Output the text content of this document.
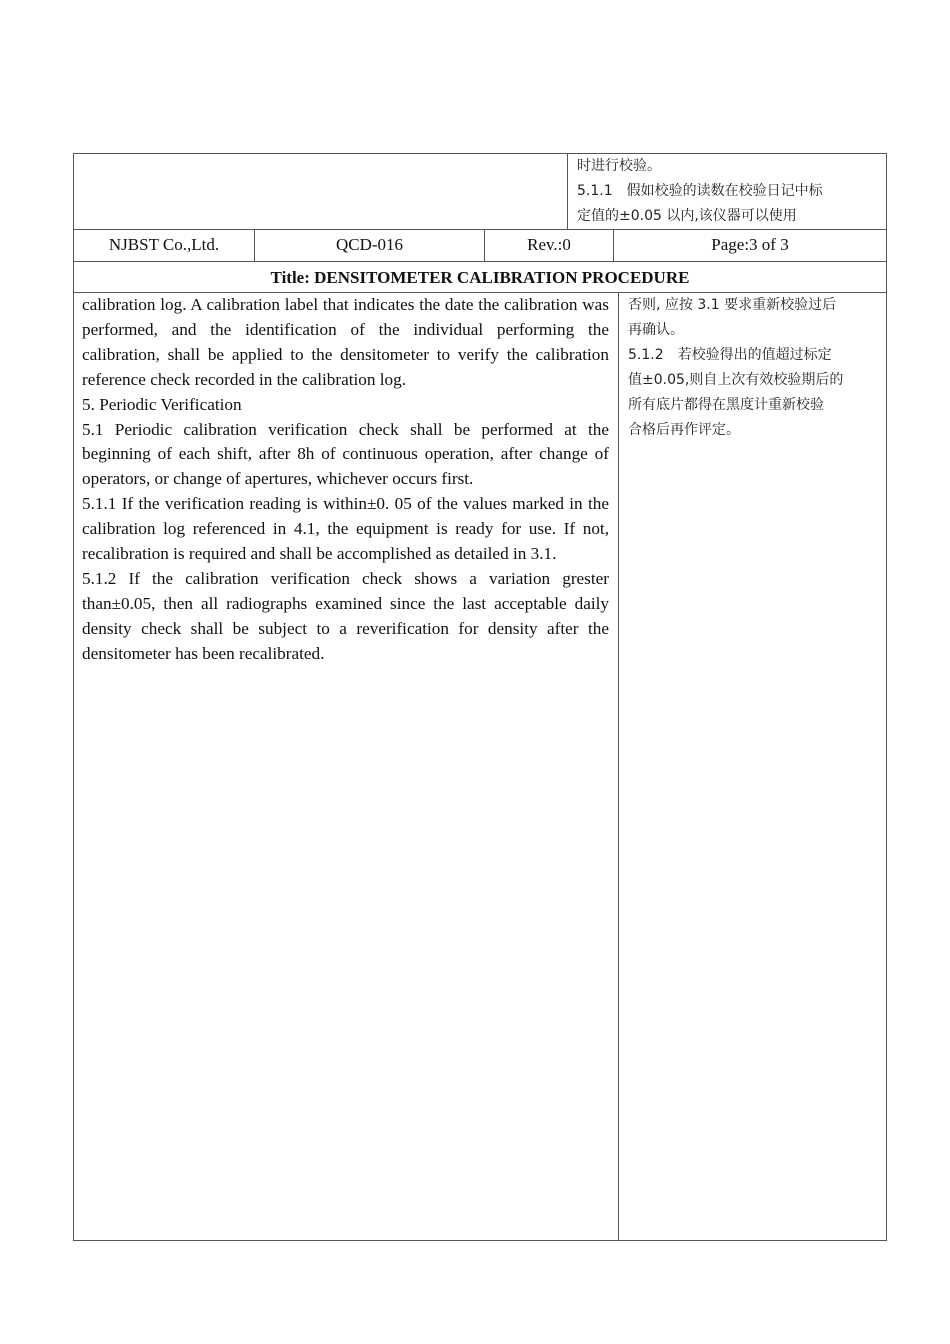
时进行校验。

5.1.1　假如校验的读数在校验日记中标

定值的±0.05 以内,该仪器可以使用

NJBST Co.,Ltd.	QCD-016	Rev.:0	Page:3 of 3
Title: DENSITOMETER CALIBRATION PROCEDURE

calibration log. A calibration label that indicates the date the calibration was performed, and the identification of the individual performing the calibration, shall be applied to the densitometer to verify the calibration reference check recorded in the calibration log.

5. Periodic Verification

5.1 Periodic calibration verification check shall be performed at the beginning of each shift, after 8h of continuous operation, after change of operators, or change of apertures, whichever occurs first.

5.1.1 If the verification reading is within±0. 05 of the values marked in the calibration log referenced in 4.1, the equipment is ready for use. If not, recalibration is required and shall be accomplished as detailed in 3.1.

5.1.2 If the calibration verification check shows a variation grester than±0.05, then all radiographs examined since the last acceptable daily density check shall be subject to a reverification for density after the densitometer has been recalibrated.

否则, 应按 3.1 要求重新校验过后

再确认。

5.1.2　若校验得出的值超过标定

值±0.05,则自上次有效校验期后的

所有底片都得在黑度计重新校验

合格后再作评定。
